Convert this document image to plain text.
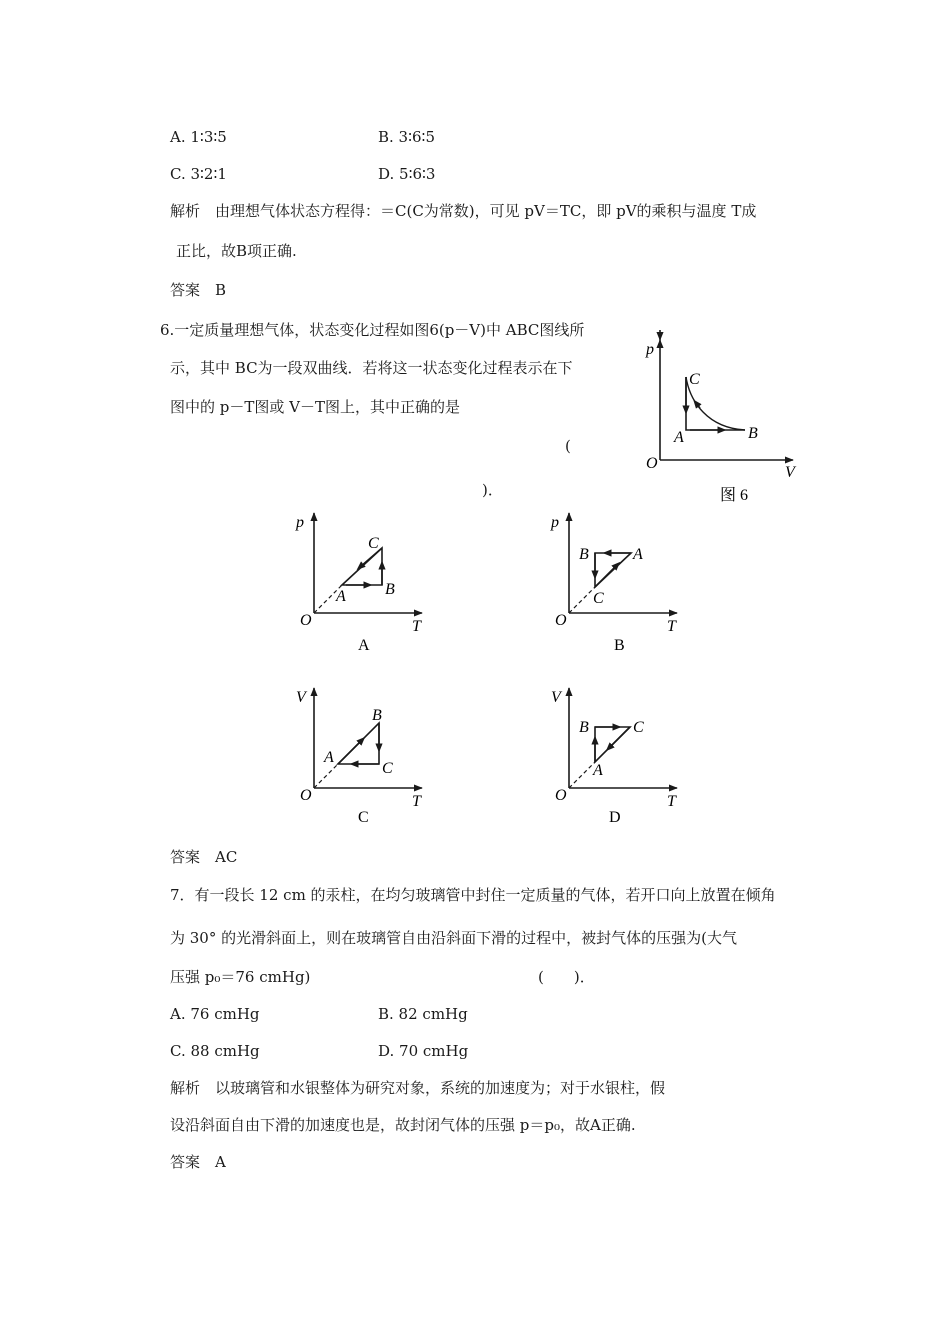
A. 1∶3∶5	B. 3∶6∶5
C. 3∶2∶1	D. 5∶6∶3
解析　由理想气体状态方程得：＝C(C为常数)，可见 pV＝TC，即 pV的乘积与温度 T成
正比，故B项正确.
答案　B
6.一定质量理想气体，状态变化过程如图6(p－V)中 ABC图线所
示，其中 BC为一段双曲线．若将这一状态变化过程表示在下
图中的 p－T图或 V－T图上，其中正确的是
(
)．
p
V
O
A	B
C
图 6
p
T
O
A B
C
A
p
T
O
A
B
C
B
V
T
O
A
B
C
C
V
T
O
A
B	C
D
答案　AC
7．有一段长 12 cm 的汞柱，在均匀玻璃管中封住一定质量的气体，若开口向上放置在倾角
为 30° 的光滑斜面上，则在玻璃管自由沿斜面下滑的过程中，被封气体的压强为(大气
压强 p₀＝76 cmHg)	(　　)．
A. 76 cmHg	B. 82 cmHg
C. 88 cmHg	D. 70 cmHg
解析　以玻璃管和水银整体为研究对象，系统的加速度为；对于水银柱，假
设沿斜面自由下滑的加速度也是，故封闭气体的压强 p＝p₀，故A正确.
答案　A
